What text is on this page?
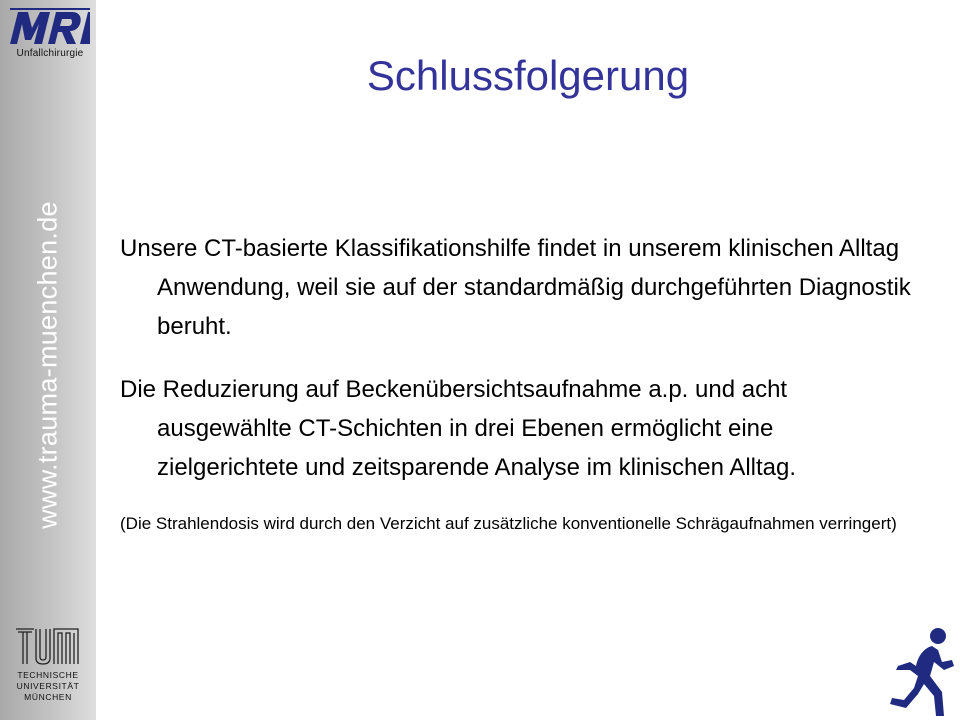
Unfallchirurgie
www.trauma-muenchen.de
TECHNISCHE
UNIVERSITÄT
MÜNCHEN
Schlussfolgerung

Unsere CT-basierte Klassifikationshilfe findet in unserem klinischen Alltag Anwendung, weil sie auf der standardmäßig durchgeführten Diagnostik beruht.

Die Reduzierung auf Beckenübersichtsaufnahme a.p. und acht ausgewählte CT-Schichten in drei Ebenen ermöglicht eine zielgerichtete und zeitsparende Analyse im klinischen Alltag.

(Die Strahlendosis wird durch den Verzicht auf zusätzliche konventionelle Schrägaufnahmen verringert)
